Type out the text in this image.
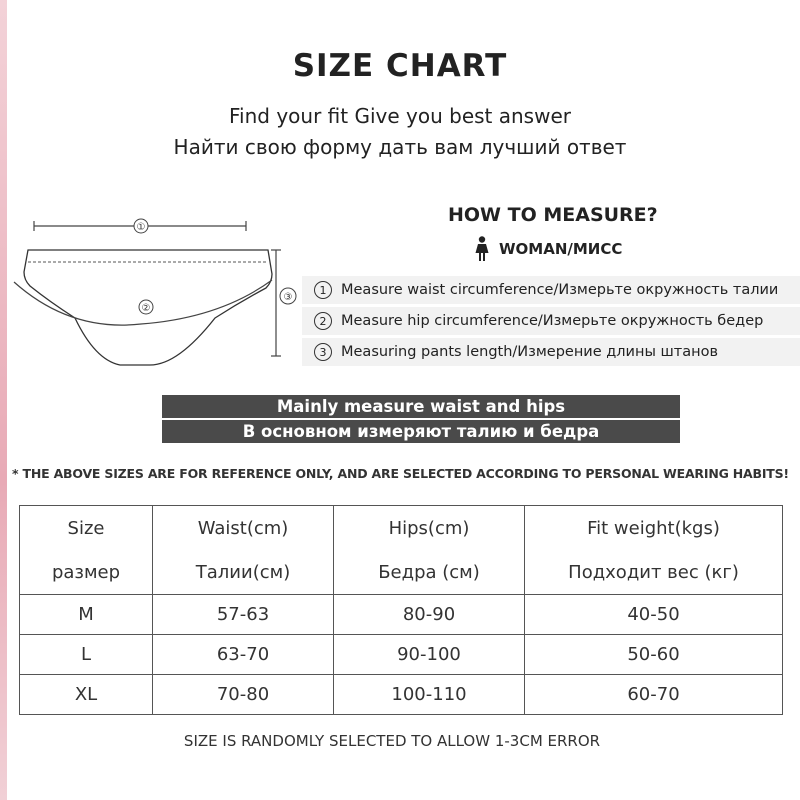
SIZE CHART
Find your fit Give you best answer
Найти свою форму дать вам лучший ответ
①
②
③
HOW TO MEASURE?
WOMAN/МИСС
1	Measure waist circumference/Измерьте окружность талии
2	Measure hip circumference/Измерьте окружность бедер
3	Measuring pants length/Измерение длины штанов
Mainly measure waist and hips
В основном измеряют талию и бедра
* THE ABOVE SIZES ARE FOR REFERENCE ONLY, AND ARE SELECTED ACCORDING TO PERSONAL WEARING HABITS!
Size	Waist(cm)	Hips(cm)	Fit weight(kgs)
размер	Талии(см)	Бедра (см)	Подходит вес (кг)
M	57-63	80-90	40-50
L	63-70	90-100	50-60
XL	70-80	100-110	60-70
SIZE IS RANDOMLY SELECTED TO ALLOW 1-3CM ERROR
